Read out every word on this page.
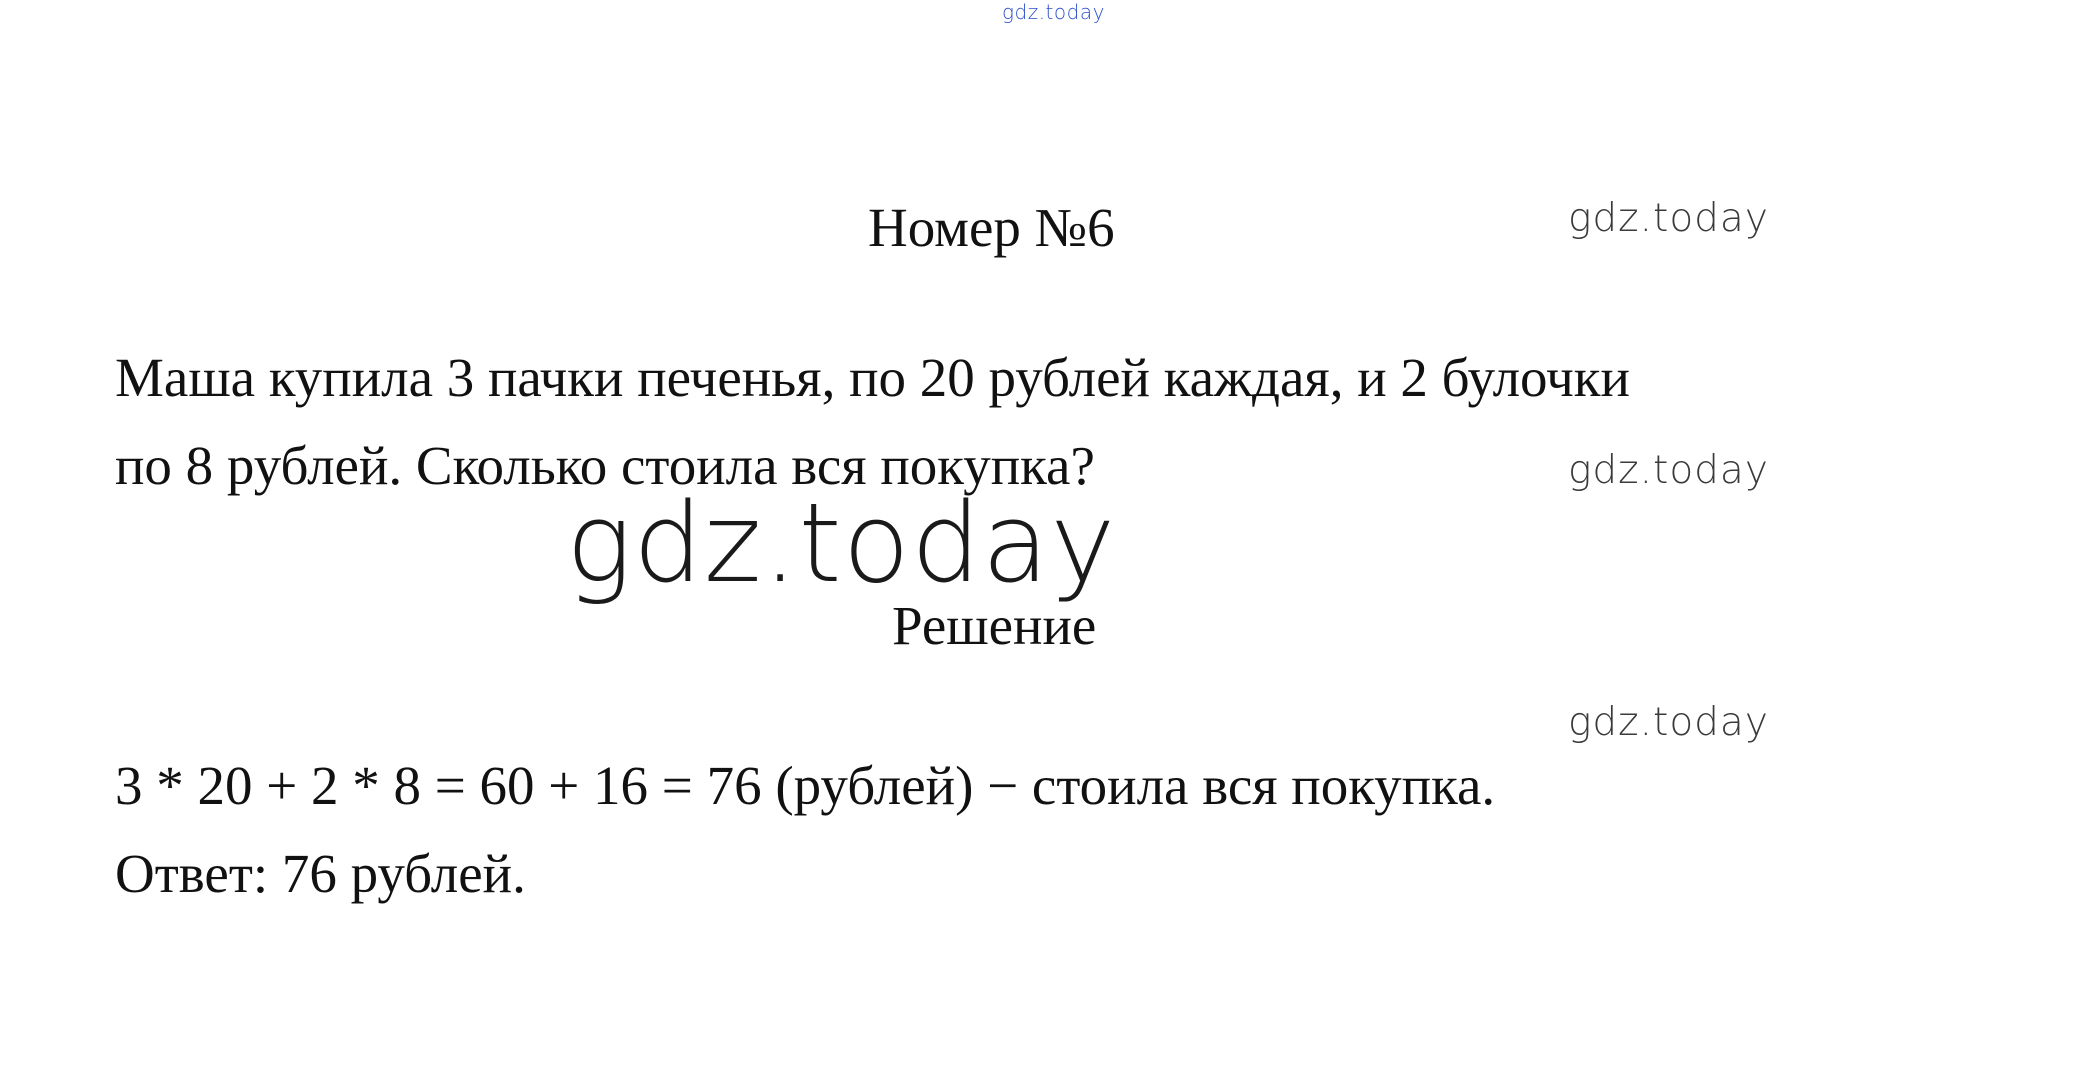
gdz.today
Номер №6	gdz.today
Маша купила 3 пачки печенья, по 20 рублей каждая, и 2 булочки
по 8 рублей. Сколько стоила вся покупка?	gdz.today
gdz.today
Решение
gdz.today
3 * 20 + 2 * 8 = 60 + 16 = 76 (рублей) − стоила вся покупка.
Ответ: 76 рублей.
